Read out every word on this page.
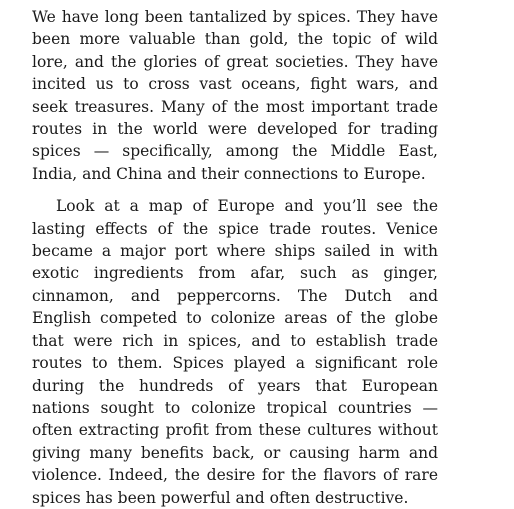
We have long been tantalized by spices. They have been more valuable than gold, the topic of wild lore, and the glories of great societies. They have incited us to cross vast oceans, fight wars, and seek treasures. Many of the most important trade routes in the world were developed for trading spices — specifically, among the Middle East, India, and China and their connections to Europe.

Look at a map of Europe and you’ll see the lasting effects of the spice trade routes. Venice became a major port where ships sailed in with exotic ingredients from afar, such as ginger, cinnamon, and peppercorns. The Dutch and English competed to colonize areas of the globe that were rich in spices, and to establish trade routes to them. Spices played a significant role during the hundreds of years that European nations sought to colonize tropical countries — often extracting profit from these cultures without giving many benefits back, or causing harm and violence. Indeed, the desire for the flavors of rare spices has been powerful and often destructive.
